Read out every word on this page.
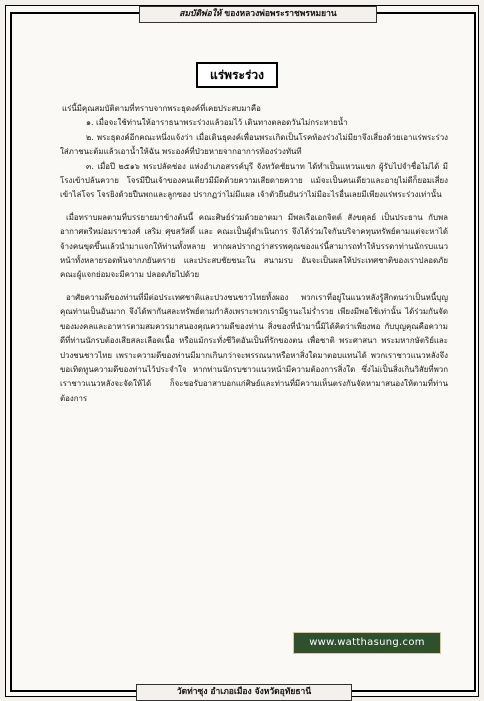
สมบัติพ่อให้ ของหลวงพ่อพระราชพรหมยาน
แร่พระร่วง

แร่นี้มีคุณสมบัติตามที่ทราบจากพระธุดงค์ที่เคยประสบมาคือ

๑. เมื่อจะใช้ท่านให้อาราธนาพระร่วงแล้วอมไว้ เดินทางตลอดวันไม่กระหายน้ำ

๒. พระธุดงค์อีกคณะหนึ่งแจ้งว่า เมื่อเดินธุดงค์เพื่อนพระเกิดเป็นโรคท้องร่วงไม่มียาจึงเสี่ยงด้วยเอาแร่พระร่วงใส่ภาชนะต้มแล้วเอาน้ำให้ฉัน พระองค์ที่ป่วยหายจากอาการท้องร่วงทันที

๓. เมื่อปี ๒๕๑๖ พระปลัดช่อง แห่งอำเภอสรรค์บุรี จังหวัดชัยนาท ได้ทำเป็นแหวนแขก ผู้รับไปจำชื่อไม่ได้ มีโรงเข้าปล้นควาย โจรมีปืนเจ้าของคนเดียวมีมีดด้วยความเสียดายควาย แม้จะเป็นคนเดียวและอายุไม่ดีก็ยอมเสี่ยงเข้าไล่โจร โจรยิงด้วยปืนพกและลูกซอง ปรากฏว่าไม่มีแผล เจ้าตัวยืนยันว่าไม่มีอะไรอื่นเลยมีเพียงแร่พระร่วงเท่านั้น

เมื่อทราบผลตามที่บรรยายมาข้างต้นนี้ คณะศิษย์ร่วมด้วยอาตมา มีพลเรือเอกจิตต์ สังขดุลย์ เป็นประธาน กับพลอากาศตรีหม่อมราชวงศ์ เสริม ศุขสวัสดิ์ และ คณะเป็นผู้ดำเนินการ จึงได้ร่วมใจกันบริจาคทุนทรัพย์ตามแต่จะหาได้ จ้างคนขุดขึ้นแล้วนำมาแจกให้ท่านทั้งหลาย หากผลปรากฏว่าสรรพคุณของแร่นี้สามารถทำให้บรรดาท่านนักรบแนวหน้าทั้งหลายรอดพ้นจากภยันตราย และประสบชัยชนะใน สนามรบ อันจะเป็นผลให้ประเทศชาติของเราปลอดภัย คณะผู้แจกย่อมจะมีความ ปลอดภัยไปด้วย

อาศัยความดีของท่านที่มีต่อประเทศชาติและปวงชนชาวไทยทั้งผอง พวกเราที่อยู่ในแนวหลังรู้สึกตนว่าเป็นหนี้บุญคุณท่านเป็นอันมาก จึงได้พากันสละทรัพย์ตามกำลังเพราะพวกเรามีฐานะไม่ร่ำรวย เพียงมีพอใช้เท่านั้น ได้ร่วมกันจัดของมงคลและอาหารตามสมควรมาสนองคุณความดีของท่าน สิ่งของที่นำมานี้มิได้คิดว่าเพียงพอ กับบุญคุณคือความดีที่ท่านนักรบต้องเสียสละเลือดเนื้อ หรือแม้กระทั่งชีวิตอันเป็นที่รักของตน เพื่อชาติ พระศาสนา พระมหากษัตริย์และปวงชนชาวไทย เพราะความดีของท่านมีมากเกินกว่าจะพรรณนาหรือหาสิ่งใดมาตอบแทนได้ พวกเราชาวแนวหลังจึงขอเทิดทูนความดีของท่านไว้ประจำใจ หากท่านนักรบชาวแนวหน้ามีความต้องการสิ่งใด ซึ่งไม่เป็นสิ่งเกินวิสัยที่พวกเราชาวแนวหลังจะจัดให้ได้ ก็จะขอรับอาสาบอกแก่ศิษย์และท่านที่มีความเห็นตรงกันจัดหามาสนองให้ตามที่ท่านต้องการ

www.watthasung.com
วัดท่าซุง อำเภอเมือง จังหวัดอุทัยธานี
